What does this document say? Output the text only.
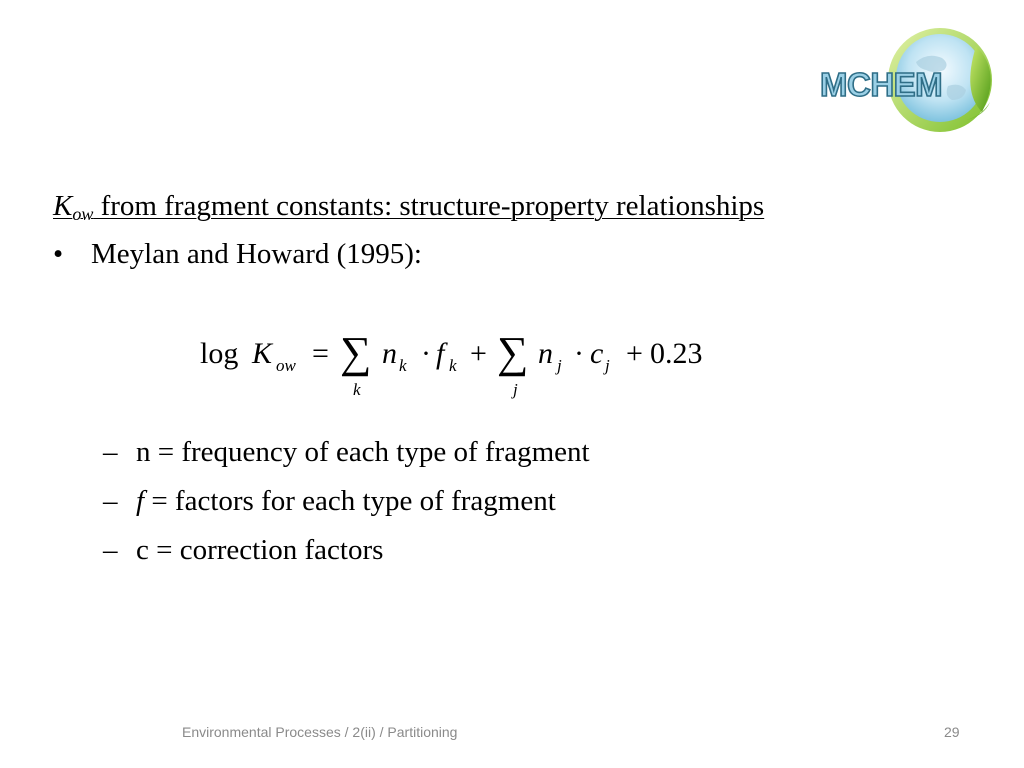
MCHEM
$K_{ow}$ from fragment constants: structure-property relationships
• Meylan and Howard (1995):
log K ow = ∑
k
n k · f k + ∑
j
n j · c j + 0.23
– n = frequency of each type of fragment
– f = factors for each type of fragment
– c = correction factors
Environmental Processes / 2(ii) / Partitioning	29
